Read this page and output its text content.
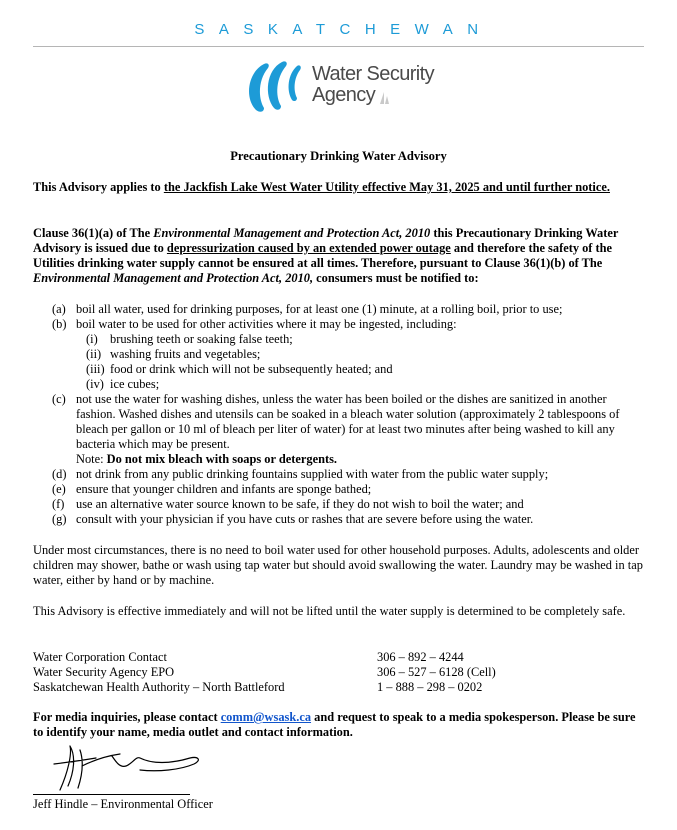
SASKATCHEWAN
Water Security
Agency
Precautionary Drinking Water Advisory
This Advisory applies to the Jackfish Lake West Water Utility effective May 31, 2025 and until further notice.
Clause 36(1)(a) of The Environmental Management and Protection Act, 2010 this Precautionary Drinking Water Advisory is issued due to depressurization caused by an extended power outage and therefore the safety of the Utilities drinking water supply cannot be ensured at all times. Therefore, pursuant to Clause 36(1)(b) of The Environmental Management and Protection Act, 2010, consumers must be notified to:
(a) boil all water, used for drinking purposes, for at least one (1) minute, at a rolling boil, prior to use;
(b) boil water to be used for other activities where it may be ingested, including:
(i) brushing teeth or soaking false teeth;
(ii) washing fruits and vegetables;
(iii) food or drink which will not be subsequently heated; and
(iv) ice cubes;
(c) not use the water for washing dishes, unless the water has been boiled or the dishes are sanitized in another fashion. Washed dishes and utensils can be soaked in a bleach water solution (approximately 2 tablespoons of bleach per gallon or 10 ml of bleach per liter of water) for at least two minutes after being washed to kill any bacteria which may be present.
Note: Do not mix bleach with soaps or detergents.
(d) not drink from any public drinking fountains supplied with water from the public water supply;
(e) ensure that younger children and infants are sponge bathed;
(f) use an alternative water source known to be safe, if they do not wish to boil the water; and
(g) consult with your physician if you have cuts or rashes that are severe before using the water.
Under most circumstances, there is no need to boil water used for other household purposes. Adults, adolescents and older children may shower, bathe or wash using tap water but should avoid swallowing the water. Laundry may be washed in tap water, either by hand or by machine.
This Advisory is effective immediately and will not be lifted until the water supply is determined to be completely safe.
Water Corporation Contact	306 – 892 – 4244
Water Security Agency EPO	306 – 527 – 6128 (Cell)
Saskatchewan Health Authority – North Battleford	1 – 888 – 298 – 0202
For media inquiries, please contact comm@wsask.ca and request to speak to a media spokesperson. Please be sure to identify your name, media outlet and contact information.
Jeff Hindle – Environmental Officer
